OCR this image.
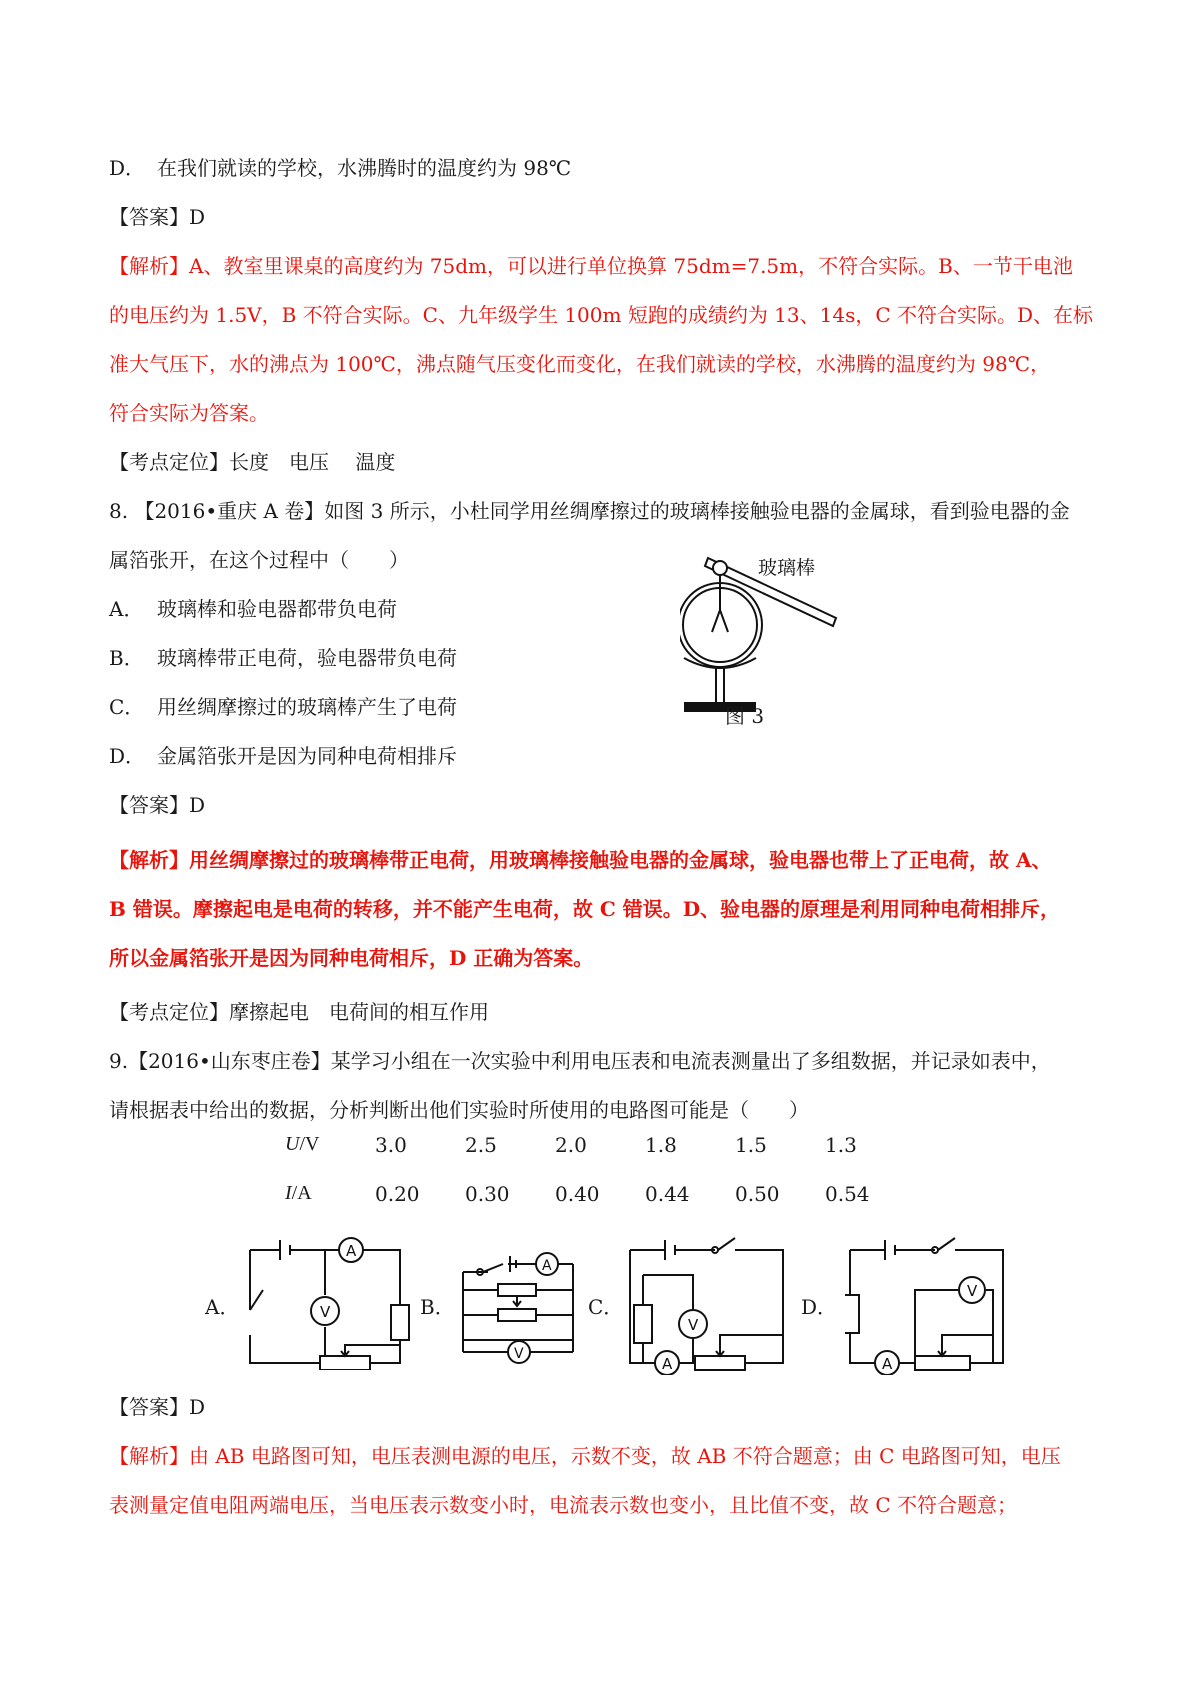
D． 在我们就读的学校，水沸腾时的温度约为 98℃
【答案】D
【解析】A、教室里课桌的高度约为 75dm，可以进行单位换算 75dm=7.5m，不符合实际。B、一节干电池
的电压约为 1.5V，B 不符合实际。C、九年级学生 100m 短跑的成绩约为 13、14s，C 不符合实际。D、在标
准大气压下，水的沸点为 100℃，沸点随气压变化而变化，在我们就读的学校，水沸腾的温度约为 98℃，
符合实际为答案。
【考点定位】长度　电压　 温度
8. 【2016•重庆 A 卷】如图 3 所示，小杜同学用丝绸摩擦过的玻璃棒接触验电器的金属球，看到验电器的金
属箔张开，在这个过程中（　　）
A． 玻璃棒和验电器都带负电荷
B． 玻璃棒带正电荷，验电器带负电荷
C． 用丝绸摩擦过的玻璃棒产生了电荷
D． 金属箔张开是因为同种电荷相排斥
玻璃棒
图 3
【答案】D
【解析】用丝绸摩擦过的玻璃棒带正电荷，用玻璃棒接触验电器的金属球，验电器也带上了正电荷，故 A、
B 错误。摩擦起电是电荷的转移，并不能产生电荷，故 C 错误。D、验电器的原理是利用同种电荷相排斥，
所以金属箔张开是因为同种电荷相斥，D 正确为答案。
【考点定位】摩擦起电　电荷间的相互作用
9.【2016•山东枣庄卷】某学习小组在一次实验中利用电压表和电流表测量出了多组数据，并记录如表中，
请根据表中给出的数据，分析判断出他们实验时所使用的电路图可能是（　　）
U/V	3.0	2.5	2.0	1.8	1.5	1.3
I/A	0.20 0.30 0.40 0.44 0.50 0.54
A．	B．	C．	D．
V
A
A
V
V
A
V
A
【答案】D
【解析】由 AB 电路图可知，电压表测电源的电压，示数不变，故 AB 不符合题意；由 C 电路图可知，电压
表测量定值电阻两端电压，当电压表示数变小时，电流表示数也变小，且比值不变，故 C 不符合题意；
